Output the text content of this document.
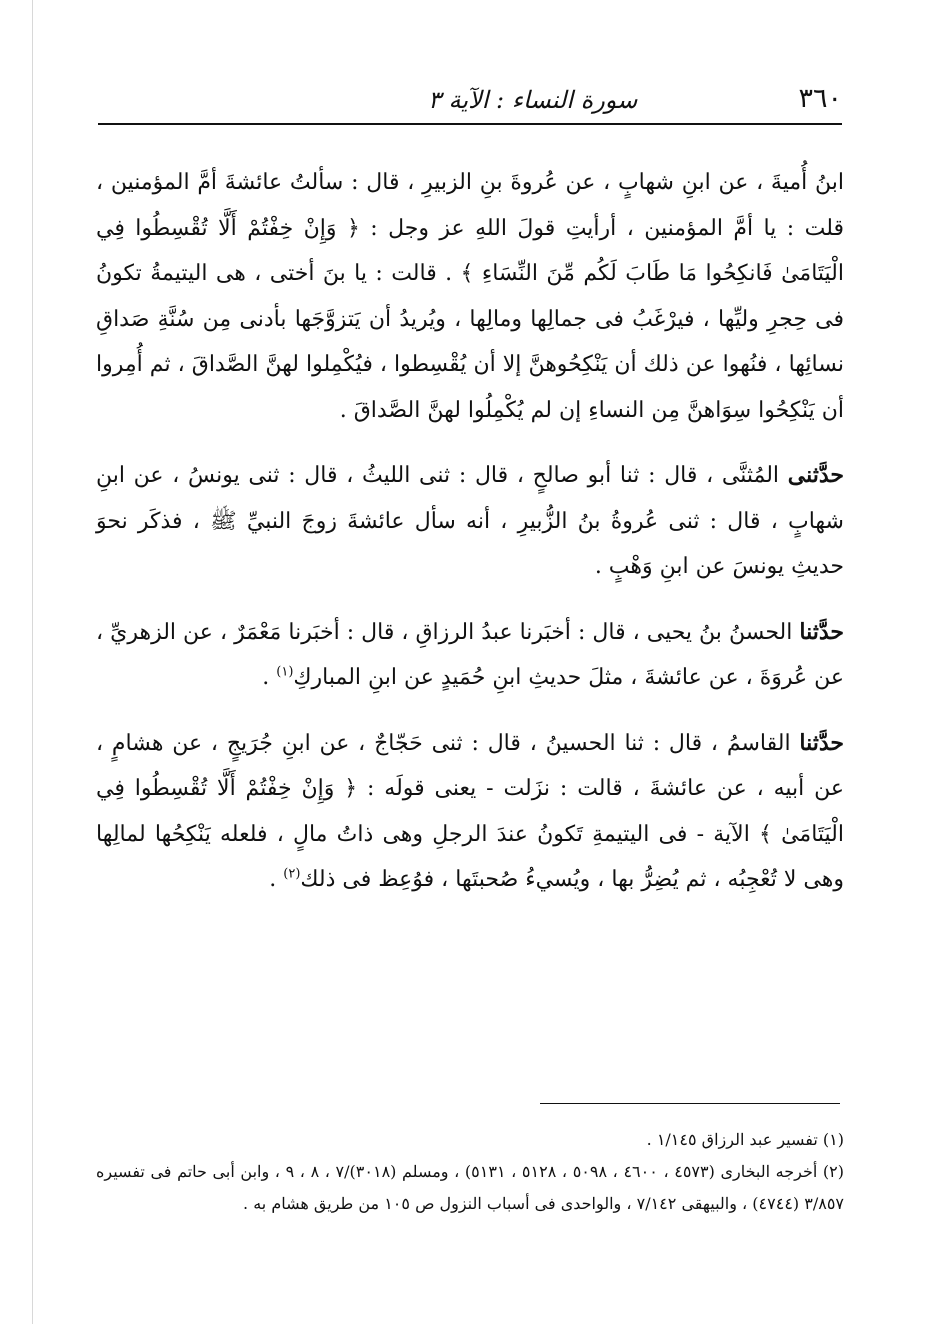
٣٦٠
سورة النساء : الآية ٣

ابنُ أُميةَ ، عن ابنِ شهابٍ ، عن عُروةَ بنِ الزبيرِ ، قال : سألتُ عائشةَ أمَّ المؤمنين ، قلت : يا أمَّ المؤمنين ، أرأيتِ قولَ اللهِ عز وجل : ﴿ وَإِنْ خِفْتُمْ أَلَّا تُقْسِطُوا فِي الْيَتَامَىٰ فَانكِحُوا مَا طَابَ لَكُم مِّنَ النِّسَاءِ ﴾ . قالت : يا بنَ أختى ، هى اليتيمةُ تكونُ فى حِجرِ وليِّها ، فيرْغَبُ فى جمالِها ومالِها ، ويُريدُ أن يَتزوَّجَها بأدنى مِن سُنَّةِ صَداقِ نسائِها ، فنُهوا عن ذلك أن يَنْكِحُوهنَّ إلا أن يُقْسِطوا ، فيُكْمِلوا لهنَّ الصَّداقَ ، ثم أُمِروا أن يَنْكِحُوا سِوَاهنَّ مِن النساءِ إن لم يُكْمِلُوا لهنَّ الصَّداقَ .

حدَّثنى المُثنَّى ، قال : ثنا أبو صالحٍ ، قال : ثنى الليثُ ، قال : ثنى يونسُ ، عن ابنِ شهابٍ ، قال : ثنى عُروةُ بنُ الزُّبيرِ ، أنه سأل عائشةَ زوجَ النبيِّ ﷺ ، فذكَر نحوَ حديثِ يونسَ عن ابنِ وَهْبٍ .

حدَّثنا الحسنُ بنُ يحيى ، قال : أخبَرنا عبدُ الرزاقِ ، قال : أخبَرنا مَعْمَرٌ ، عن الزهريِّ ، عن عُروَةَ ، عن عائشةَ ، مثلَ حديثِ ابنِ حُمَيدٍ عن ابنِ المباركِ$^{(١)}$ .

حدَّثنا القاسمُ ، قال : ثنا الحسينُ ، قال : ثنى حَجّاجٌ ، عن ابنِ جُرَيجٍ ، عن هشامٍ ، عن أبيه ، عن عائشةَ ، قالت : نزَلت - يعنى قولَه : ﴿ وَإِنْ خِفْتُمْ أَلَّا تُقْسِطُوا فِي الْيَتَامَىٰ ﴾ الآية - فى اليتيمةِ تَكونُ عندَ الرجلِ وهى ذاتُ مالٍ ، فلعله يَنْكِحُها لمالِها وهى لا تُعْجِبُه ، ثم يُضِرُّ بها ، ويُسيءُ صُحبتَها ، فوُعِظ فى ذلك$^{(٢)}$ .

(١) تفسير عبد الرزاق ١/١٤٥ .

(٢) أخرجه البخارى (٤٥٧٣ ، ٤٦٠٠ ، ٥٠٩٨ ، ٥١٢٨ ، ٥١٣١) ، ومسلم (٣٠١٨)/٧ ، ٨ ، ٩ ، وابن أبى حاتم فى تفسيره ٣/٨٥٧ (٤٧٤٤) ، والبيهقى ٧/١٤٢ ، والواحدى فى أسباب النزول ص ١٠٥ من طريق هشام به .
